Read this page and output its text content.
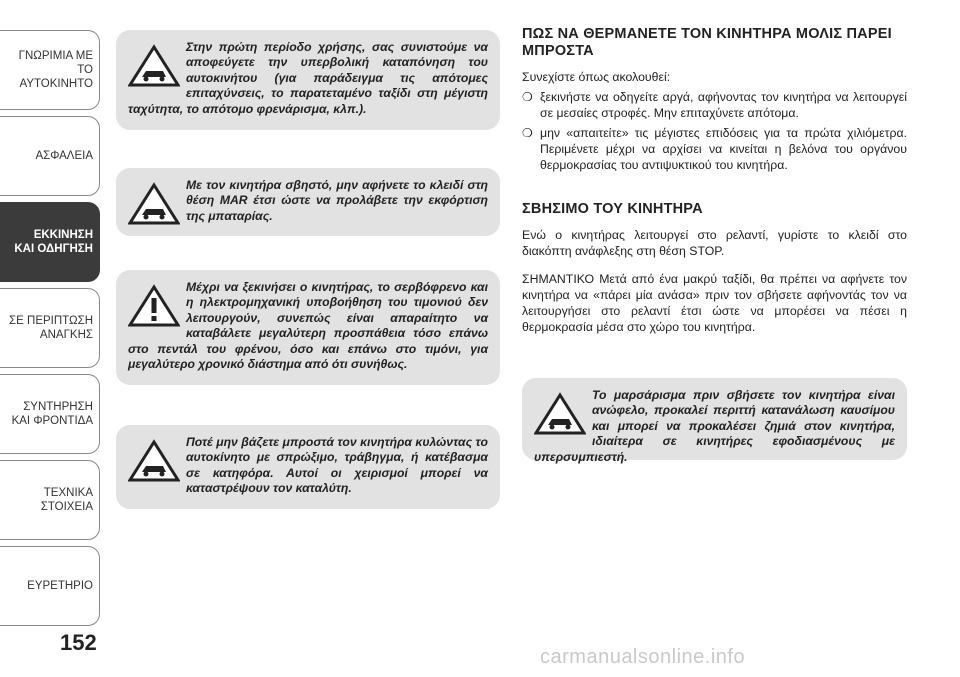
ΓΝΩΡΙΜΙΑ ΜΕ ΤΟ
ΑΥΤΟΚΙΝΗΤΟ
ΑΣΦΑΛΕΙΑ
ΕΚΚΙΝΗΣΗ
ΚΑΙ ΟΔΗΓΗΣΗ
ΣΕ ΠΕΡΙΠΤΩΣΗ
ΑΝΑΓΚΗΣ
ΣΥΝΤΗΡΗΣΗ
ΚΑΙ ΦΡΟΝΤΙΔΑ
ΤΕΧΝΙΚΑ
ΣΤΟΙΧΕΙΑ
ΕΥΡΕΤΗΡΙΟ
152
Στην πρώτη περίοδο χρήσης, σας συνιστούμε να αποφεύγετε την υπερβολική καταπόνηση του αυτοκινήτου (για παράδειγμα τις απότομες επιταχύνσεις, το παρατεταμένο ταξίδι στη μέγιστη ταχύτητα, το απότομο φρενάρισμα, κλπ.).
Με τον κινητήρα σβηστό, μην αφήνετε το κλειδί στη θέση MAR έτσι ώστε να προλάβετε την εκφόρτιση της μπαταρίας.
Μέχρι να ξεκινήσει ο κινητήρας, το σερβόφρενο και η ηλεκτρομηχανική υποβοήθηση του τιμονιού δεν λειτουργούν, συνεπώς είναι απαραίτητο να καταβάλετε μεγαλύτερη προσπάθεια τόσο επάνω στο πεντάλ του φρένου, όσο και επάνω στο τιμόνι, για μεγαλύτερο χρονικό διάστημα από ότι συνήθως.
Ποτέ μην βάζετε μπροστά τον κινητήρα κυλώντας το αυτοκίνητο με σπρώξιμο, τράβηγμα, ή κατέβασμα σε κατηφόρα. Αυτοί οι χειρισμοί μπορεί να καταστρέψουν τον καταλύτη.
ΠΩΣ ΝΑ ΘΕΡΜΑΝΕΤΕ ΤΟΝ ΚΙΝΗΤΗΡΑ ΜΟΛΙΣ ΠΑΡΕΙ ΜΠΡΟΣΤΑ

Συνεχίστε όπως ακολουθεί:

❍ ξεκινήστε να οδηγείτε αργά, αφήνοντας τον κινητήρα να λειτουργεί σε μεσαίες στροφές. Μην επιταχύνετε απότομα.
❍ μην «απαιτείτε» τις μέγιστες επιδόσεις για τα πρώτα χιλιόμετρα. Περιμένετε μέχρι να αρχίσει να κινείται η βελόνα του οργάνου θερμοκρασίας του αντιψυκτικού του κινητήρα.
ΣΒΗΣΙΜΟ ΤΟΥ ΚΙΝΗΤΗΡΑ

Ενώ ο κινητήρας λειτουργεί στο ρελαντί, γυρίστε το κλειδί στο διακόπτη ανάφλεξης στη θέση STOP.

ΣΗΜΑΝΤΙΚΟ Μετά από ένα μακρύ ταξίδι, θα πρέπει να αφήνετε τον κινητήρα να «πάρει μία ανάσα» πριν τον σβήσετε αφήνοντάς τον να λειτουργήσει στο ρελαντί έτσι ώστε να μπορέσει να πέσει η θερμοκρασία μέσα στο χώρο του κινητήρα.

Το μαρσάρισμα πριν σβήσετε τον κινητήρα είναι ανώφελο, προκαλεί περιττή κατανάλωση καυσίμου και μπορεί να προκαλέσει ζημιά στον κινητήρα, ιδιαίτερα σε κινητήρες εφοδιασμένους με υπερσυμπιεστή.
carmanualsonline.info
